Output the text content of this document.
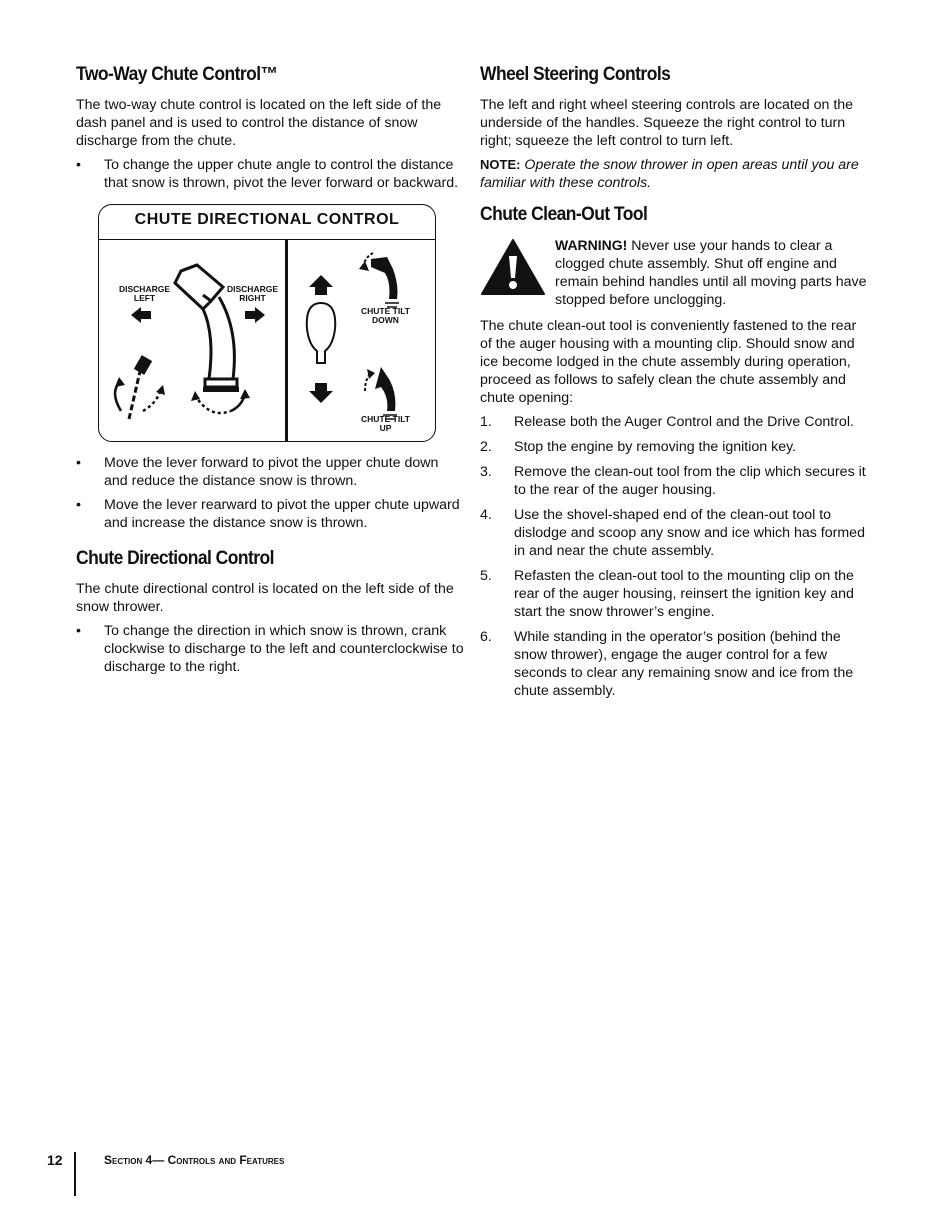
Two-Way Chute Control™

The two-way chute control is located on the left side of the dash panel and is used to control the distance of snow discharge from the chute.

• To change the upper chute angle to control the distance that snow is thrown, pivot the lever forward or backward.
CHUTE DIRECTIONAL CONTROL
DISCHARGE
LEFT
DISCHARGE
RIGHT
CHUTE TILT
DOWN
CHUTE TILT
UP
• Move the lever forward to pivot the upper chute down and reduce the distance snow is thrown.
• Move the lever rearward to pivot the upper chute upward and increase the distance snow is thrown.
Chute Directional Control

The chute directional control is located on the left side of the snow thrower.

• To change the direction in which snow is thrown, crank clockwise to discharge to the left and counterclockwise to discharge to the right.
Wheel Steering Controls

The left and right wheel steering controls are located on the underside of the handles. Squeeze the right control to turn right; squeeze the left control to turn left.

NOTE: Operate the snow thrower in open areas until you are familiar with these controls.

Chute Clean-Out Tool

WARNING! Never use your hands to clear a clogged chute assembly. Shut off engine and remain behind handles until all moving parts have stopped before unclogging.

The chute clean-out tool is conveniently fastened to the rear of the auger housing with a mounting clip. Should snow and ice become lodged in the chute assembly during operation, proceed as follows to safely clean the chute assembly and chute opening:

1. Release both the Auger Control and the Drive Control.
2. Stop the engine by removing the ignition key.
3. Remove the clean-out tool from the clip which secures it to the rear of the auger housing.
4. Use the shovel-shaped end of the clean-out tool to dislodge and scoop any snow and ice which has formed in and near the chute assembly.
5. Refasten the clean-out tool to the mounting clip on the rear of the auger housing, reinsert the ignition key and start the snow thrower’s engine.
6. While standing in the operator’s position (behind the snow thrower), engage the auger control for a few seconds to clear any remaining snow and ice from the chute assembly.
12	Section 4— Controls and Features
